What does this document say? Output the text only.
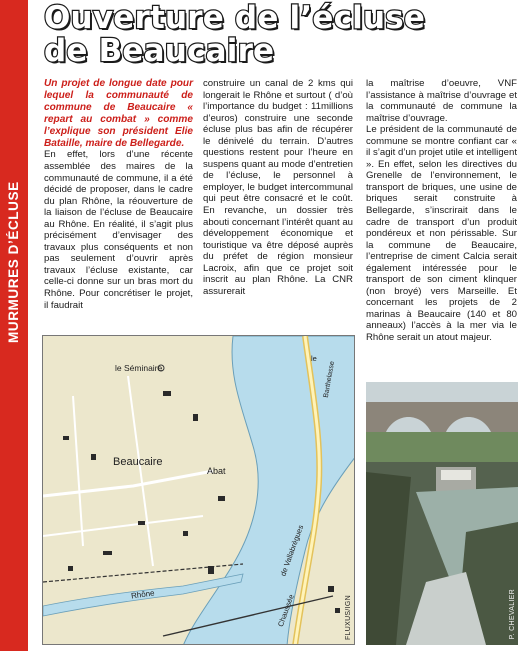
MURMURES D’ÉCLUSE
Ouverture de l’écluse
de Beaucaire

Un projet de longue date pour lequel la communauté de commune de Beaucaire « repart au combat » comme l’explique son président Elie Bataille, maire de Bellegarde.

En effet, lors d’une récente assemblée des maires de la communauté de commune, il a été décidé de proposer, dans le cadre du plan Rhône, la réouverture de la liaison de l’écluse de Beaucaire au Rhône. En réalité, il s’agit plus précisément d’envisager des travaux plus conséquents et non pas seulement d’ouvrir après travaux l’écluse existante, car celle-ci donne sur un bras mort du Rhône. Pour concrétiser le projet, il faudrait

construire un canal de 2 kms qui longerait le Rhône et surtout ( d’où l’importance du budget : 11millions d’euros) construire une seconde écluse plus bas afin de récupérer le dénivelé du terrain. D’autres questions restent pour l’heure en suspens quant au mode d’entretien de l’écluse, le personnel à employer, le budget intercommunal qui peut être consacré et le coût. En revanche, un dossier très abouti concernant l’intérêt quant au développement économique et touristique va être déposé auprès du préfet de région monsieur Lacroix, afin que ce projet soit inscrit au plan Rhône. La CNR assurerait

la maîtrise d’oeuvre, VNF l’assistance à maîtrise d’ouvrage et la communauté de commune la maîtrise d’ouvrage.

Le président de la communauté de commune se montre confiant car « il s’agit d’un projet utile et intelligent ». En effet, selon les directives du Grenelle de l’environnement, le transport de briques, une usine de briques serait construite à Bellegarde, s’inscrirait dans le cadre de transport d’un produit pondéreux et non périssable. Sur la commune de Beaucaire, l’entreprise de ciment Calcia serait également intéressée pour le transport de son ciment klinquer (non broyé) vers Marseille. Et concernant les projets de 2 marinas à Beaucaire (140 et 80 anneaux) l’accès à la mer via le Rhône serait un atout majeur.

le Séminaire
Beaucaire
Abat
Rhône	Chaussée
de Vallabrègues
le
Barthelasse
FLUXUS/IGN	P. CHEVALIER
